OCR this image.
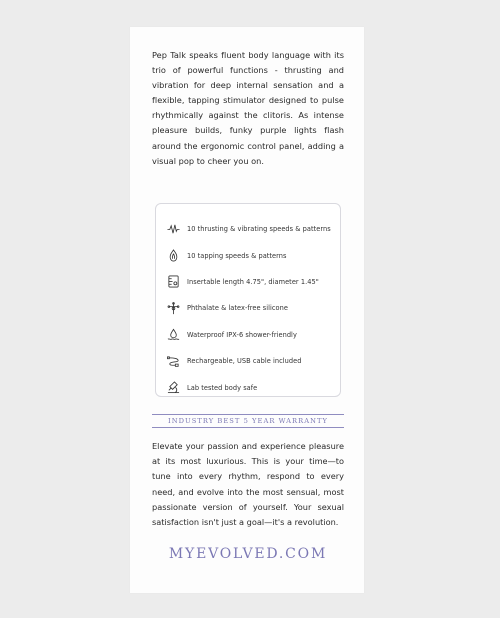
Pep Talk speaks fluent body language with its trio of powerful functions - thrusting and vibration for deep internal sensation and a flexible, tapping stimulator designed to pulse rhythmically against the clitoris. As intense pleasure builds, funky purple lights flash around the ergonomic control panel, adding a visual pop to cheer you on.

10 thrusting & vibrating speeds & patterns
10 tapping speeds & patterns
Insertable length 4.75", diameter 1.45"
Phthalate & latex-free silicone
Waterproof IPX-6 shower-friendly
Rechargeable, USB cable included
Lab tested body safe
INDUSTRY BEST 5 YEAR WARRANTY

Elevate your passion and experience pleasure at its most luxurious. This is your time—to tune into every rhythm, respond to every need, and evolve into the most sensual, most passionate version of yourself. Your sexual satisfaction isn't just a goal—it's a revolution.

MYEVOLVED.COM
